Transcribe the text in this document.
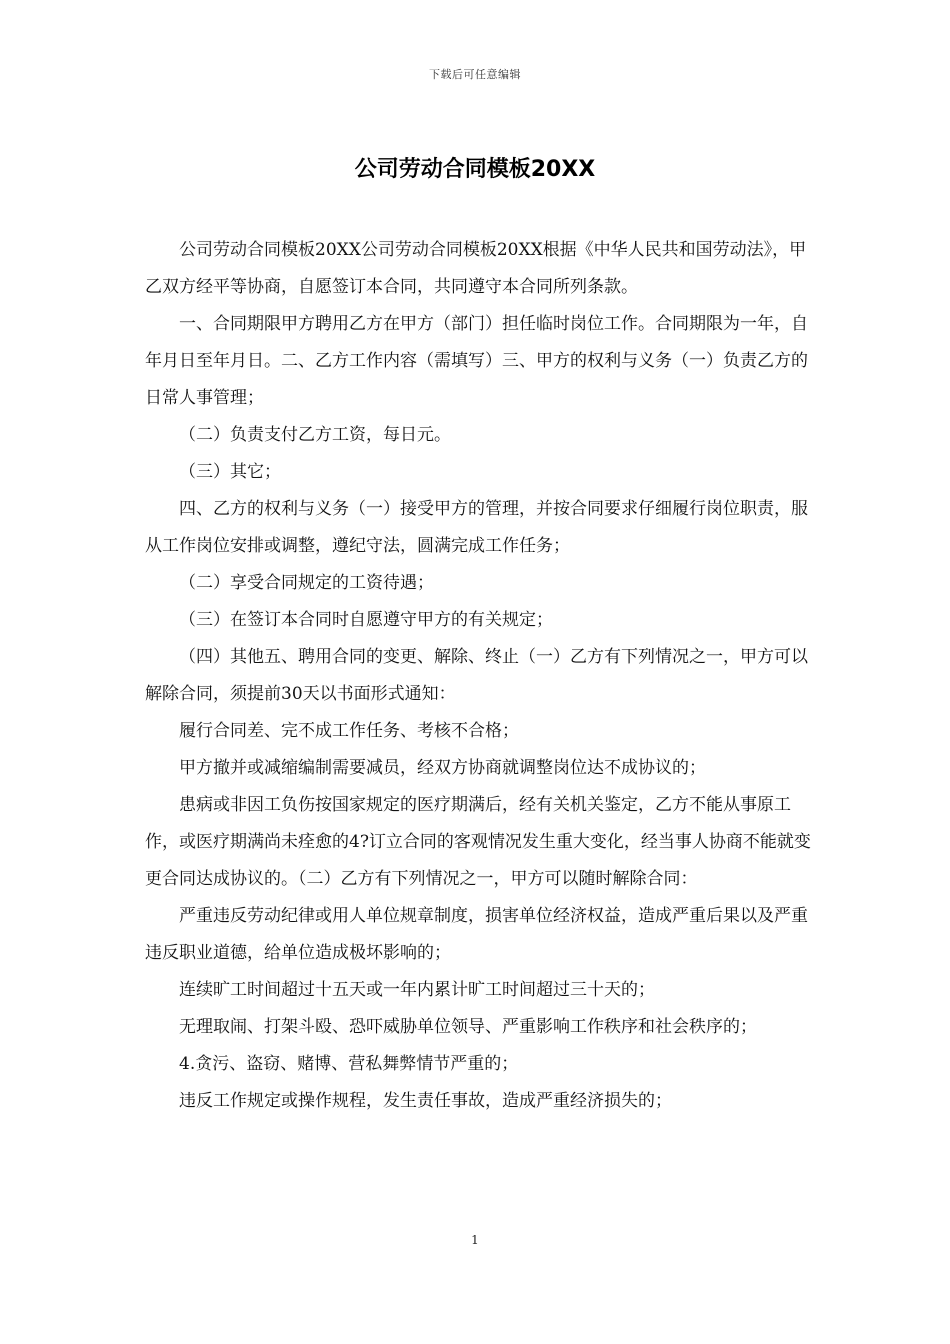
下载后可任意编辑
公司劳动合同模板20XX

公司劳动合同模板20XX公司劳动合同模板20XX根据《中华人民共和国劳动法》，甲乙双方经平等协商，自愿签订本合同，共同遵守本合同所列条款。

一、合同期限甲方聘用乙方在甲方（部门）担任临时岗位工作。合同期限为一年，自年月日至年月日。二、乙方工作内容（需填写）三、甲方的权利与义务（一）负责乙方的日常人事管理；

（二）负责支付乙方工资，每日元。

（三）其它；

四、乙方的权利与义务（一）接受甲方的管理，并按合同要求仔细履行岗位职责，服从工作岗位安排或调整，遵纪守法，圆满完成工作任务；

（二）享受合同规定的工资待遇；

（三）在签订本合同时自愿遵守甲方的有关规定；

（四）其他五、聘用合同的变更、解除、终止（一）乙方有下列情况之一，甲方可以解除合同，须提前30天以书面形式通知：

履行合同差、完不成工作任务、考核不合格；

甲方撤并或减缩编制需要减员，经双方协商就调整岗位达不成协议的；

患病或非因工负伤按国家规定的医疗期满后，经有关机关鉴定，乙方不能从事原工作，或医疗期满尚未痊愈的4?订立合同的客观情况发生重大变化，经当事人协商不能就变更合同达成协议的。（二）乙方有下列情况之一，甲方可以随时解除合同：

严重违反劳动纪律或用人单位规章制度，损害单位经济权益，造成严重后果以及严重违反职业道德，给单位造成极坏影响的；

连续旷工时间超过十五天或一年内累计旷工时间超过三十天的；

无理取闹、打架斗殴、恐吓威胁单位领导、严重影响工作秩序和社会秩序的；

4.贪污、盗窃、赌博、营私舞弊情节严重的；

违反工作规定或操作规程，发生责任事故，造成严重经济损失的；

1
